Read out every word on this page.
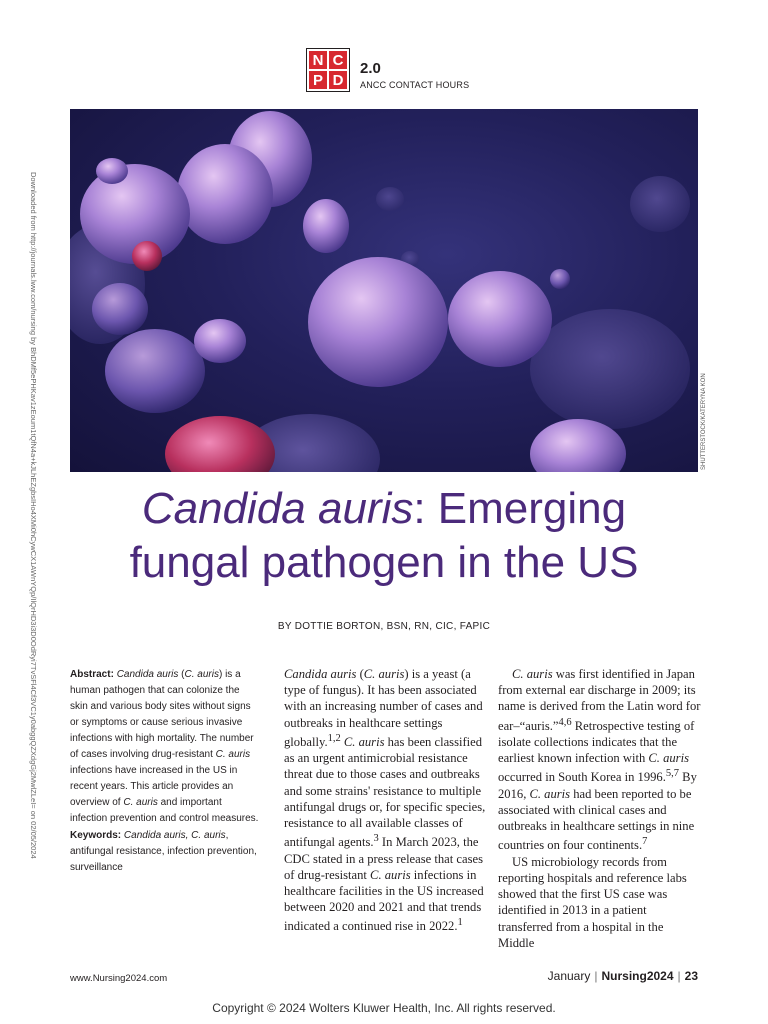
N C
P D
2.0
ANCC CONTACT HOURS
Downloaded from http://journals.lww.com/nursing by BhDMf5ePHKav1zEoum1tQfN4a+kJLhEZgbsIHo4XMi0hCywCX1AWnYQp/IlQrHD3i3D0OdRyi7TvSFl4Cf3VC1y0abggQZXdgGj2MwlZLeI= on 02/05/2024	SHUTTERSTOCK/KATERYNA KON
Candida auris: Emerging
fungal pathogen in the US
BY DOTTIE BORTON, BSN, RN, CIC, FAPIC
Abstract: Candida auris (C. auris) is a human pathogen that can colonize the skin and various body sites without signs or symptoms or cause serious invasive infections with high mortality. The number of cases involving drug-resistant C. auris infections have increased in the US in recent years. This article provides an overview of C. auris and important infection prevention and control measures.
Keywords: Candida auris, C. auris, antifungal resistance, infection prevention, surveillance

Candida auris (C. auris) is a yeast (a type of fungus). It has been associated with an increasing number of cases and outbreaks in healthcare settings globally.$^{1,2}$ C. auris has been classified as an urgent antimicrobial resistance threat due to those cases and outbreaks and some strains' resistance to multiple antifungal drugs or, for specific species, resistance to all available classes of antifungal agents.$^3$ In March 2023, the CDC stated in a press release that cases of drug-resistant C. auris infections in healthcare facilities in the US increased between 2020 and 2021 and that trends indicated a continued rise in 2022.$^1$

C. auris was first identified in Japan from external ear discharge in 2009; its name is derived from the Latin word for ear–“auris.”$^{4,6}$ Retrospective testing of isolate collections indicates that the earliest known infection with C. auris occurred in South Korea in 1996.$^{5,7}$ By 2016, C. auris had been reported to be associated with clinical cases and outbreaks in healthcare settings in nine countries on four continents.$^7$

US microbiology records from reporting hospitals and reference labs showed that the first US case was identified in 2013 in a patient transferred from a hospital in the Middle

www.Nursing2024.com	January | Nursing2024 | 23
Copyright © 2024 Wolters Kluwer Health, Inc. All rights reserved.
